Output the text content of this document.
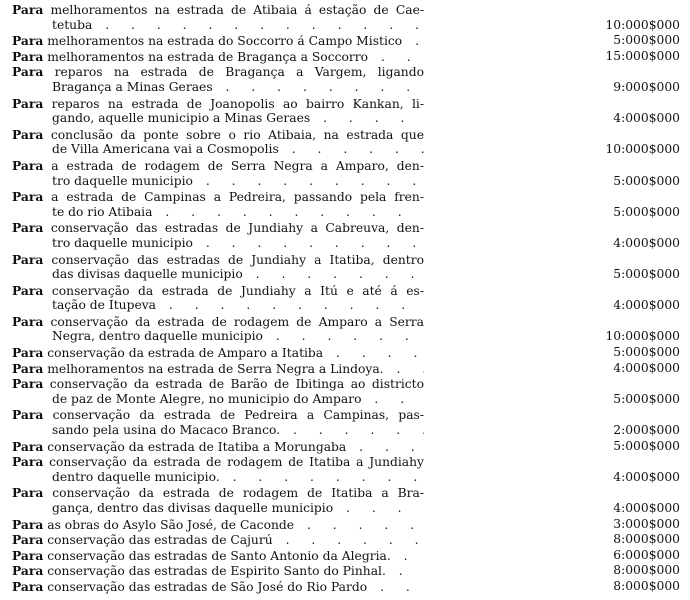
Para melhoramentos na estrada de Atibaia á estação de Cae-
tetuba . . .	10:000$000
Para melhoramentos na estrada do Soccorro á Campo Mistico . . .	5:000$000
Para melhoramentos na estrada de Bragança a Soccorro . . .	15:000$000
Para reparos na estrada de Bragança a Vargem, ligando
Bragança a Minas Geraes . . .	9:000$000
Para reparos na estrada de Joanopolis ao bairro Kankan, li-
gando, aquelle municipio a Minas Geraes . . .	4:000$000
Para conclusão da ponte sobre o rio Atibaia, na estrada que
de Villa Americana vai a Cosmopolis . . .	10:000$000
Para a estrada de rodagem de Serra Negra a Amparo, den-
tro daquelle municipio . . .	5:000$000
Para a estrada de Campinas a Pedreira, passando pela fren-
te do rio Atibaia . . .	5:000$000
Para conservação das estradas de Jundiahy a Cabreuva, den-
tro daquelle municipio . . .	4:000$000
Para conservação das estradas de Jundiahy a Itatiba, dentro
das divisas daquelle municipio . . .	5:000$000
Para conservação da estrada de Jundiahy a Itú e até á es-
tação de Itupeva . . .	4:000$000
Para conservação da estrada de rodagem de Amparo a Serra
Negra, dentro daquelle municipio . . .	10:000$000
Para conservação da estrada de Amparo a Itatiba . . .	5:000$000
Para melhoramentos na estrada de Serra Negra a Lindoya. . . .	4:000$000
Para conservação da estrada de Barão de Ibitinga ao districto
de paz de Monte Alegre, no municipio do Amparo . . .	5:000$000
Para conservação da estrada de Pedreira a Campinas, pas-
sando pela usina do Macaco Branco. . . .	2:000$000
Para conservação da estrada de Itatiba a Morungaba . . .	5:000$000
Para conservação da estrada de rodagem de Itatiba a Jundiahy
dentro daquelle municipio. . . .	4:000$000
Para conservação da estrada de rodagem de Itatiba a Bra-
gança, dentro das divisas daquelle municipio . . .	4:000$000
Para as obras do Asylo São José, de Caconde . . .	3:000$000
Para conservação das estradas de Cajurú . . .	8:000$000
Para conservação das estradas de Santo Antonio da Alegria. . . .	6:000$000
Para conservação das estradas de Espirito Santo do Pinhal. . . .	8:000$000
Para conservação das estradas de São José do Rio Pardo . . .	8:000$000
